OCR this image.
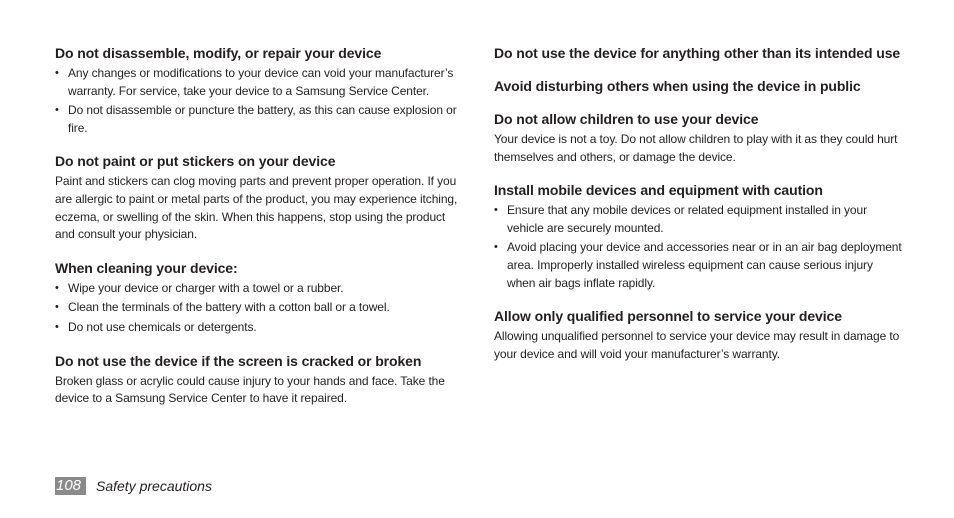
Do not disassemble, modify, or repair your device
• Any changes or modifications to your device can void your manufacturer’s warranty. For service, take your device to a Samsung Service Center.
• Do not disassemble or puncture the battery, as this can cause explosion or fire.
Do not paint or put stickers on your device

Paint and stickers can clog moving parts and prevent proper operation. If you are allergic to paint or metal parts of the product, you may experience itching, eczema, or swelling of the skin. When this happens, stop using the product and consult your physician.

When cleaning your device:
• Wipe your device or charger with a towel or a rubber.
• Clean the terminals of the battery with a cotton ball or a towel.
• Do not use chemicals or detergents.
Do not use the device if the screen is cracked or broken

Broken glass or acrylic could cause injury to your hands and face. Take the device to a Samsung Service Center to have it repaired.

Do not use the device for anything other than its intended use
Avoid disturbing others when using the device in public
Do not allow children to use your device

Your device is not a toy. Do not allow children to play with it as they could hurt themselves and others, or damage the device.

Install mobile devices and equipment with caution
• Ensure that any mobile devices or related equipment installed in your vehicle are securely mounted.
• Avoid placing your device and accessories near or in an air bag deployment area. Improperly installed wireless equipment can cause serious injury when air bags inflate rapidly.
Allow only qualified personnel to service your device

Allowing unqualified personnel to service your device may result in damage to your device and will void your manufacturer’s warranty.

108	Safety precautions
